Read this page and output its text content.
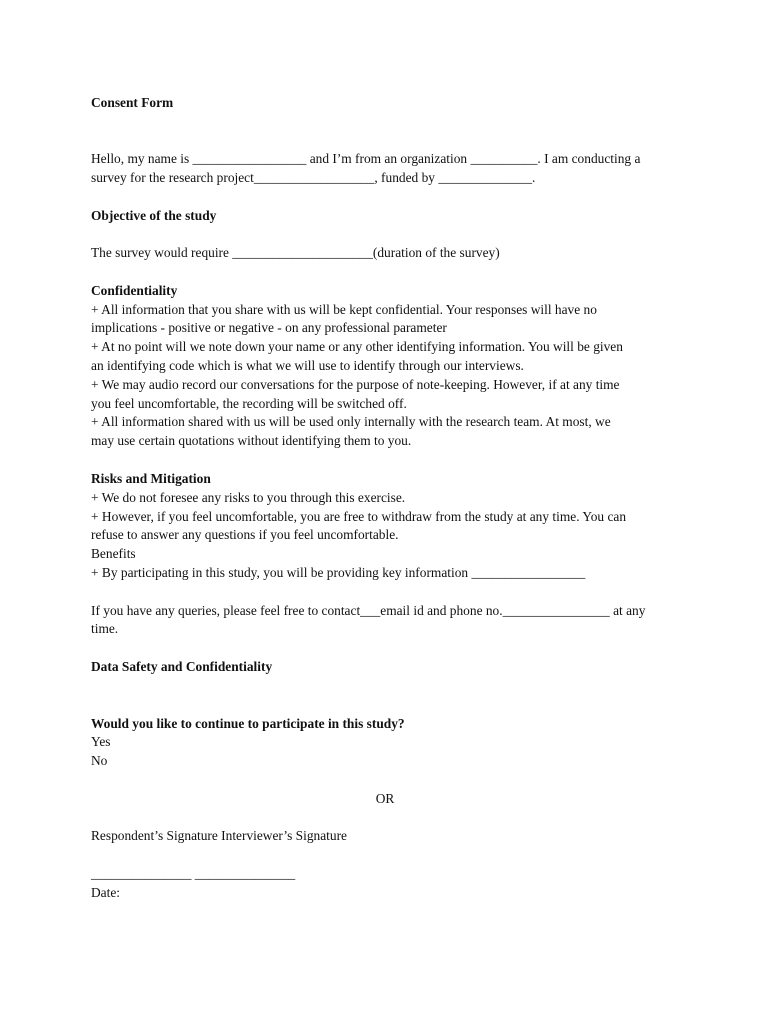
Consent Form
Hello, my name is _________________ and I’m from an organization __________. I am conducting a
survey for the research project__________________, funded by ______________.
Objective of the study
The survey would require _____________________(duration of the survey)
Confidentiality
+ All information that you share with us will be kept confidential. Your responses will have no
implications - positive or negative - on any professional parameter
+ At no point will we note down your name or any other identifying information. You will be given
an identifying code which is what we will use to identify through our interviews.
+ We may audio record our conversations for the purpose of note-keeping. However, if at any time
you feel uncomfortable, the recording will be switched off.
+ All information shared with us will be used only internally with the research team. At most, we
may use certain quotations without identifying them to you.
Risks and Mitigation
+ We do not foresee any risks to you through this exercise.
+ However, if you feel uncomfortable, you are free to withdraw from the study at any time. You can
refuse to answer any questions if you feel uncomfortable.
Benefits
+ By participating in this study, you will be providing key information _________________
If you have any queries, please feel free to contact___email id and phone no.________________ at any
time.
Data Safety and Confidentiality
Would you like to continue to participate in this study?
Yes
No
OR
Respondent’s Signature Interviewer’s Signature
_______________ _______________
Date:
